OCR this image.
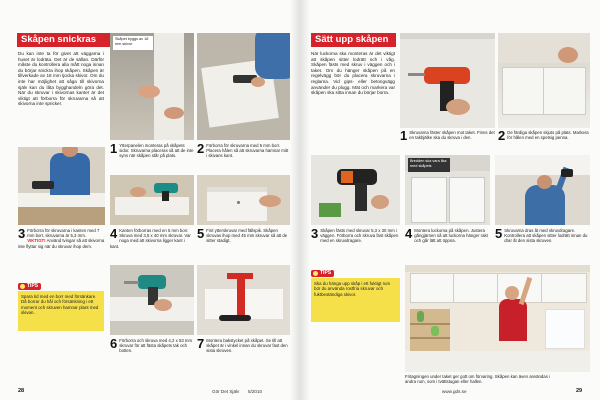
Skåpen snickras
Du kan inte ta för givet att väggarna i huset är lodräta. Det är de sällan. Därför måste du kontrollera alla mått noga innan du börjar snickra ihop skåpen. Skåpen är tillverkade av 18 mm tjocka skivor. Om du inte har möjlighet att såga till skivorna själv kan du låta bygghandeln göra det. När du skruvar i skivornas kanter är det viktigt att förborra för skruvarna så att skivorna inte spricker.
Skåpet byggs av 18 mm skivor
1 Ytterpanelen monteras på skåpets sidor. Skruvarna placeras så att de inte syns när skåpen står på plats.	2 Förborra för skruvarna med 5 mm borr. Placera hålen så att skruvarna hamnar mitt i skivans kant.
3 Förborra för skruvarna i kanten med 7 mm borr, skruvarna är 5,3 mm. VIKTIGT! Använd tvingar så att skivorna inte flyttar sig när du skruvar ihop dem.
4 Kanten förborras med en 5 mm borr. Skruva med 3,5 x 40 mm skruvar. Var noga med att skivorna ligger kant i kant.
5 Fint ytterskruvar med fällspik. Skåpen skruvas ihop med 45 mm skruvar så att de sitter stadigt.
TIPS
Spara tid med en borr med försänkare. Då borrar du hål och försänkning i ett moment och skruven hamnar plant med skivan.
6 Förborra och skruva med 4,2 x 53 mm skruvar för att fästa skåpets tak och botten.	7 Montera bakstycket på skåpet. Se till att skåpet är i vinkel innan du skruvar fast den sista skruven.
28	Gör Det Själv 5/2010
Sätt upp skåpen
När luckorna ska monteras är det viktigt att skåpen sitter lodrätt och i våg. Skåpen fästs med skruv i väggen och i taket. Om du hänger skåpen på en regelvägg bör du placera skruvarna i reglarna. Vid gips- eller betongvägg använder du plugg. Mät och markera var skåpen ska sitta innan du börjar borra.
1 Skruvarna fäster skåpen mot taket. Finns det en takbjälke ska du skruva i den.	2 De färdiga skåpen skjuts på plats. Markera för hålen med en spetsig penna.
Bredden ska vara lika med skåpets
3 Skåpen fästs med skruvar 5,3 x 30 mm i väggen. Förborra och skruva fast skåpen med en skruvdragare.	4 Montera luckorna på skåpen. Justera gångjärnen så att luckorna hänger rakt och går lätt att öppna.	5 Skruvarna dras åt med skruvdragare. Kontrollera att skåpen sitter lodrätt innan du drar åt den sista skruven.
TIPS
Ska du hänga upp skåp i ett fuktigt rum bör du använda rostfria skruvar och fuktbeständiga skivor.
Fritagningen under taket ger gott om förvaring. Skåpen kan även användas i andra rum, som i tvättstugan eller hallen.
www.gds.se	29
